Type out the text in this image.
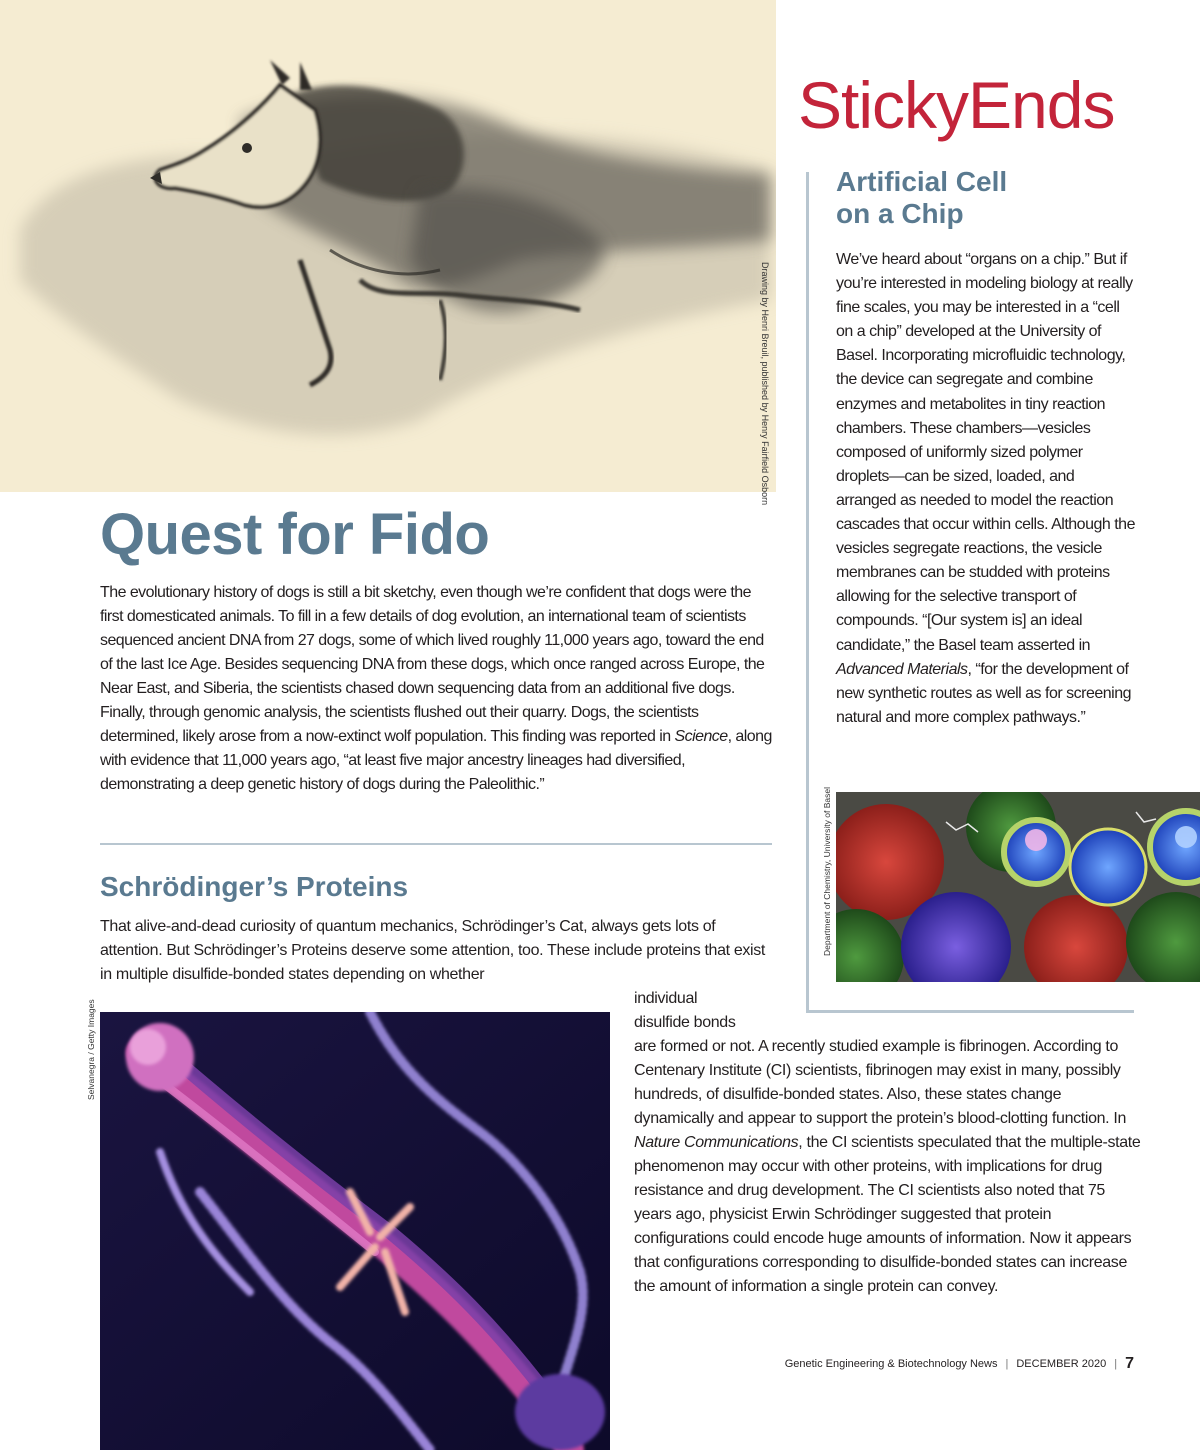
Drawing by Henri Breuil, published by Henry Fairfield Osborn
StickyEnds
Artificial Cell
on a Chip

We’ve heard about “organs on a chip.” But if you’re interested in modeling biology at really fine scales, you may be interested in a “cell on a chip” developed at the University of Basel. Incorporating microfluidic technology, the device can segregate and combine enzymes and metabolites in tiny reaction chambers. These chambers—vesicles composed of uniformly sized polymer droplets—can be sized, loaded, and arranged as needed to model the reaction cascades that occur within cells. Although the vesicles segregate reactions, the vesicle membranes can be studded with proteins allowing for the selective transport of compounds. “[Our system is] an ideal candidate,” the Basel team asserted in Advanced Materials, “for the development of new synthetic routes as well as for screening natural and more complex pathways.”

Department of Chemistry, University of Basel
Quest for Fido

The evolutionary history of dogs is still a bit sketchy, even though we’re confident that dogs were the first domesticated animals. To fill in a few details of dog evolution, an international team of scientists sequenced ancient DNA from 27 dogs, some of which lived roughly 11,000 years ago, toward the end of the last Ice Age. Besides sequencing DNA from these dogs, which once ranged across Europe, the Near East, and Siberia, the scientists chased down sequencing data from an additional five dogs. Finally, through genomic analysis, the scientists flushed out their quarry. Dogs, the scientists determined, likely arose from a now-extinct wolf population. This finding was reported in Science, along with evidence that 11,000 years ago, “at least five major ancestry lineages had diversified, demonstrating a deep genetic history of dogs during the Paleolithic.”

Schrödinger’s Proteins

That alive-and-dead curiosity of quantum mechanics, Schrödinger’s Cat, always gets lots of attention. But Schrödinger’s Proteins deserve some attention, too. These include proteins that exist in multiple disulfide-bonded states depending on whether

individual

disulfide bonds

are formed or not. A recently studied example is fibrinogen. According to Centenary Institute (CI) scientists, fibrinogen may exist in many, possibly hundreds, of disulfide-bonded states. Also, these states change dynamically and appear to support the protein’s blood-clotting function. In Nature Communications, the CI scientists speculated that the multiple-state phenomenon may occur with other proteins, with implications for drug resistance and drug development. The CI scientists also noted that 75 years ago, physicist Erwin Schrödinger suggested that protein configurations could encode huge amounts of information. Now it appears that configurations corresponding to disulfide-bonded states can increase the amount of information a single protein can convey.

Selvanegra / Getty Images
Genetic Engineering & Biotechnology News | DECEMBER 2020 | 7
